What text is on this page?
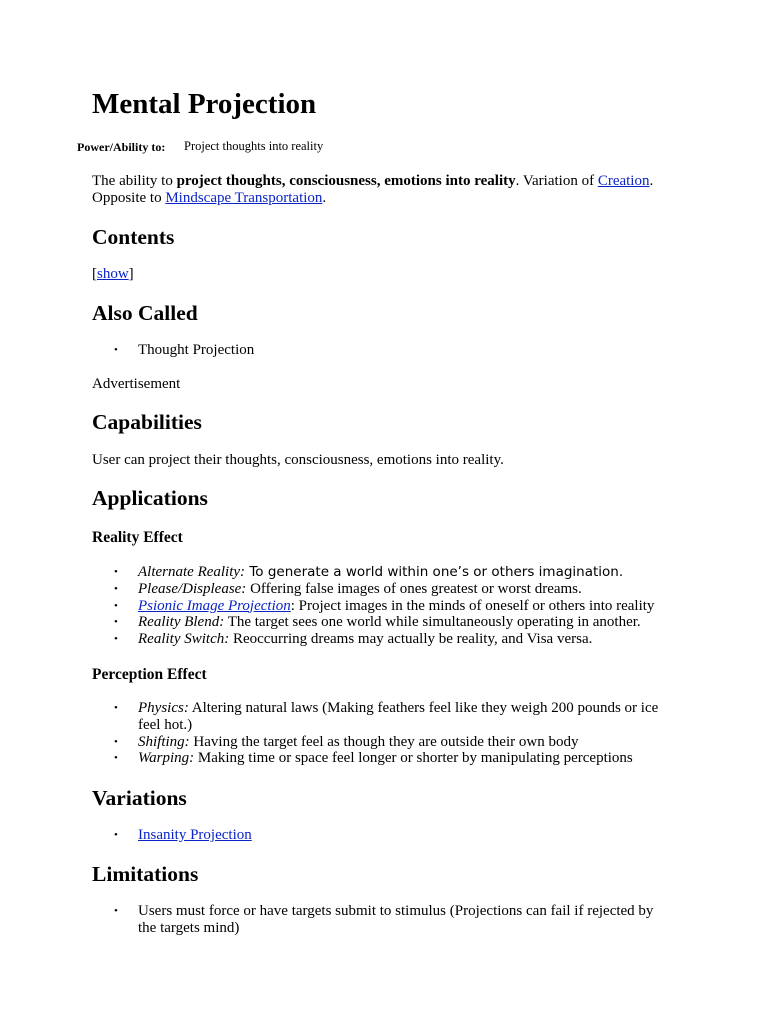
Mental Projection
Power/Ability to: Project thoughts into reality
The ability to project thoughts, consciousness, emotions into reality. Variation of Creation.
Opposite to Mindscape Transportation.
Contents
[show]
Also Called
• Thought Projection
Advertisement
Capabilities
User can project their thoughts, consciousness, emotions into reality.
Applications
Reality Effect
• Alternate Reality: To generate a world within one’s or others imagination.
• Please/Displease: Offering false images of ones greatest or worst dreams.
• Psionic Image Projection: Project images in the minds of oneself or others into reality
• Reality Blend: The target sees one world while simultaneously operating in another.
• Reality Switch: Reoccurring dreams may actually be reality, and Visa versa.
Perception Effect
• Physics: Altering natural laws (Making feathers feel like they weigh 200 pounds or ice
feel hot.)
• Shifting: Having the target feel as though they are outside their own body
• Warping: Making time or space feel longer or shorter by manipulating perceptions
Variations
• Insanity Projection
Limitations
• Users must force or have targets submit to stimulus (Projections can fail if rejected by
the targets mind)
